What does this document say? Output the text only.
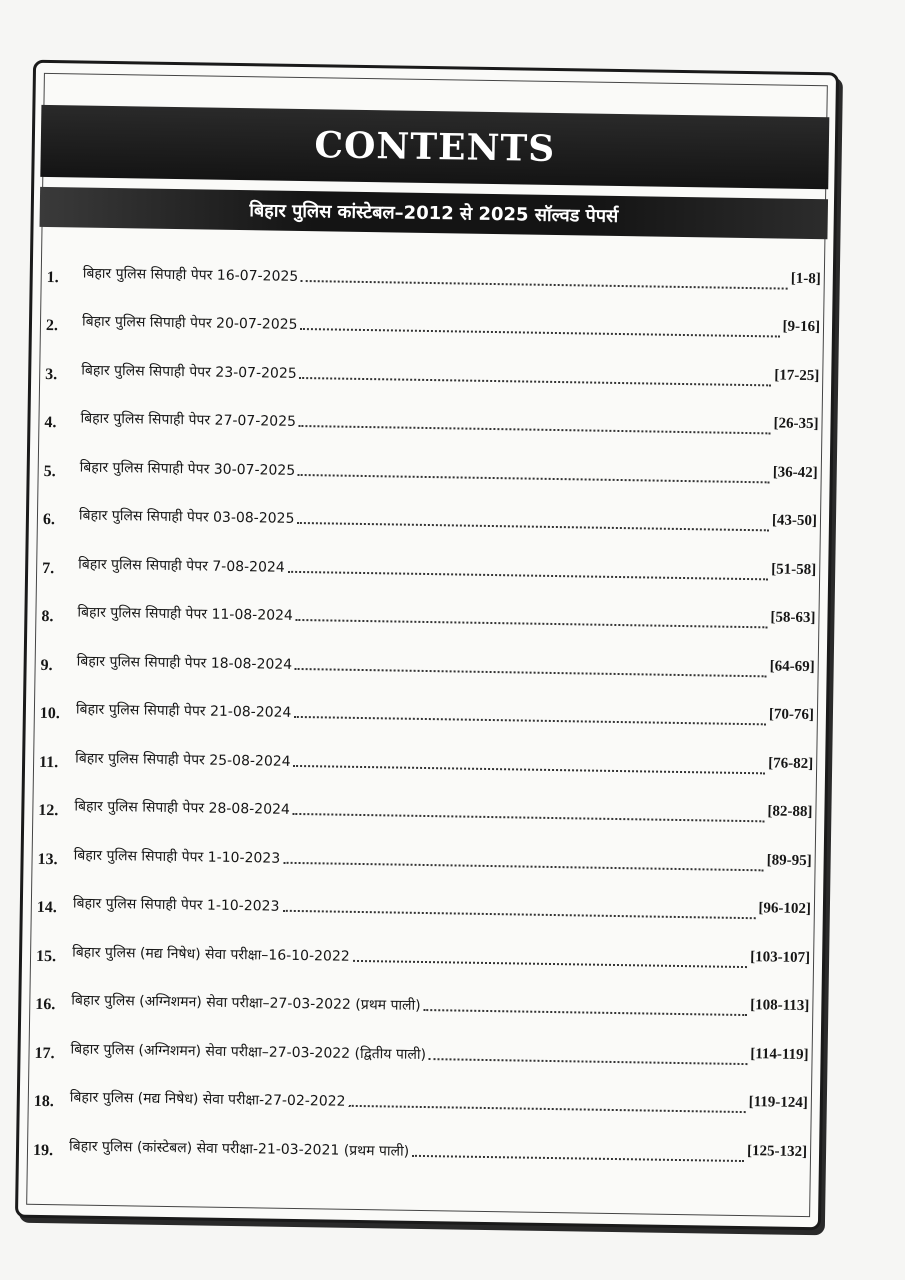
CONTENTS
बिहार पुलिस कांस्टेबल–2012 से 2025 सॉल्वड पेपर्स
1.	बिहार पुलिस सिपाही पेपर 16-07-2025	[1-8]
2.	बिहार पुलिस सिपाही पेपर 20-07-2025	[9-16]
3.	बिहार पुलिस सिपाही पेपर 23-07-2025	[17-25]
4.	बिहार पुलिस सिपाही पेपर 27-07-2025	[26-35]
5.	बिहार पुलिस सिपाही पेपर 30-07-2025	[36-42]
6.	बिहार पुलिस सिपाही पेपर 03-08-2025	[43-50]
7.	बिहार पुलिस सिपाही पेपर 7-08-2024	[51-58]
8.	बिहार पुलिस सिपाही पेपर 11-08-2024	[58-63]
9.	बिहार पुलिस सिपाही पेपर 18-08-2024	[64-69]
10.	बिहार पुलिस सिपाही पेपर 21-08-2024	[70-76]
11.	बिहार पुलिस सिपाही पेपर 25-08-2024	[76-82]
12.	बिहार पुलिस सिपाही पेपर 28-08-2024	[82-88]
13.	बिहार पुलिस सिपाही पेपर 1-10-2023	[89-95]
14.	बिहार पुलिस सिपाही पेपर 1-10-2023	[96-102]
15.	बिहार पुलिस (मद्य निषेध) सेवा परीक्षा–16-10-2022	[103-107]
16.	बिहार पुलिस (अग्निशमन) सेवा परीक्षा–27-03-2022 (प्रथम पाली)	[108-113]
17.	बिहार पुलिस (अग्निशमन) सेवा परीक्षा–27-03-2022 (द्वितीय पाली)	[114-119]
18.	बिहार पुलिस (मद्य निषेध) सेवा परीक्षा-27-02-2022	[119-124]
19.	बिहार पुलिस (कांस्टेबल) सेवा परीक्षा-21-03-2021 (प्रथम पाली)	[125-132]
